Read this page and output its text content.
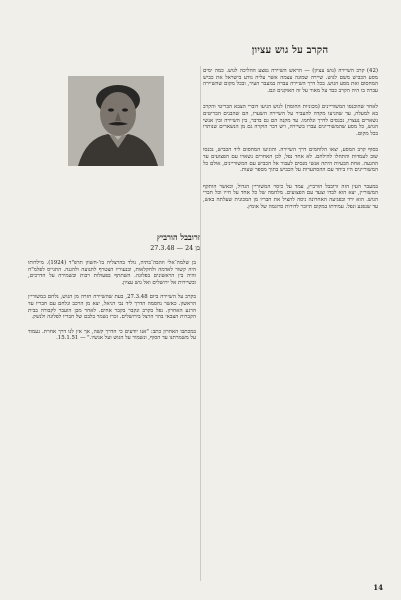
הקרב על גוש עציון
זרובבל הורביץ
בן 24 — 27.3.48

(42) קרב השיירה (גוש עציון) — הראש השיירה נפצע ההליכה לגוש. כמה ימים מסע הכביש משם לגוש. שיירה שמונה עצמה אשר עליה נודע בישראל את כביש המחסום ואת מסע הגוש. בכל דרך השיירה עברה במעבר העיר, ובכל מקום שהשיירה עברה בו היה הקרב כבד על מאור על זה האוקנים וגם.

לאחר שהוכנסו המשוריינים (מכוניות החומה) לגוש הגיעו דוברי הצבא הבריטי והקרב בא למעלה, עד שהגיעו מקדה להעביר על השיירה השערו, הם שהבנים הבריטים נשארים נעצרו, נכנסים לדרך ונלחמו. עד מקנה הם גם בדבר, בין השיירה ובין אנשי הגוש, כל מסע שהמשוריינים עברו בשיירה, ויש דבר הוקרה גם מן הנשארים שנותרו בכל מקום.

בסוף קרב המסע, יצאו הלוחמים דרך השיירה. והוגיעו המחסום ליד הכביש, נכנסו שוב לעמדות והתחלו להילחם. לא אחד נפל, לכן האחרים נשארו עם הפצועים עד ההגעה. אחת הבעיות היתה אנשי מנסים לעבור אל הכביש עם המשוריינים, אולם כל המשוריינים היו ביחד עם ההסתערות על הכביש בתוך מספר שעות.

במעבר העין הזה זרובבל הורביץ, עמד על כיסוי המשוריין הגדול, וכאשר הותקף המשוריין, יצא הוא לבדו וצעד עם הפצועים. מלחמה של כל אחד על חייו וכל חברי הגוש. הוא ירד ובפגיעה האחרונה ניסה להציל את חבריו מן המכונית שעלתה באש, עד שנפגע ונפל. עמידתו במקום תיזכר לדורות כדוגמה של אומץ.

בן שלמה־אלי וזהבה־בתיה, נולד בהרצליה בז'-חשוון תרפ"ד (1924). מילדותו היה קשור לאדמה ולחקלאות, ובנעוריו הצטרף לתנועה ולהגנה. התגייס לפלמ"ח והיה בין הראשונים בפלוגה. השתתף בפעולות רבות ובשמירה על הדרכים, ובשיירות אל ירושלים ואל גוש עציון.

בקרב על השיירה ביום 27.3.48, בעת שהשיירה חזרה מן הגוש, נלחם במשוריין הראשון. כאשר נחסמה הדרך ליד נבי דניאל, יצא מן הרכב ונלחם עם חבריו עד הרגע האחרון. נפל בקרב ונקבר בקבר אחים. לאחר מכן הועבר לקבורה בבית הקברות הצבאי בהר הרצל בירושלים. זכרו נשמר בלבם של חבריו לפלוגה ולנשק.

במכתבו האחרון כתב: "אנו יודעים כי הדרך קשה, אך אין לנו דרך אחרת. נעמוד על משמרתנו עד הסוף, ונשמור על הגוש ועל אנשיו." — 15.1.51.

14
